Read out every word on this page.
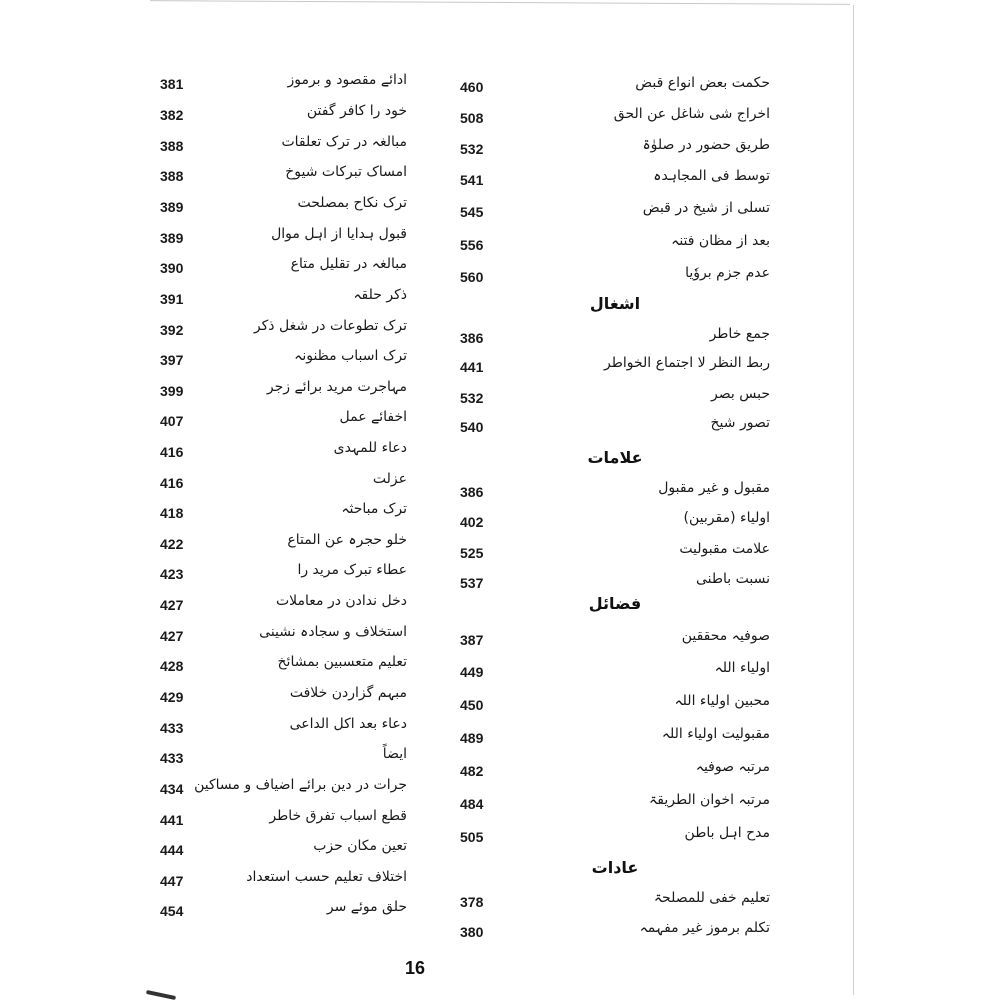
381	ادائے مقصود و برموز
382	خود را کافر گفتن
388	مبالغہ در ترک تعلقات
388	امساک تبرکات شیوخ
389	ترک نکاح بمصلحت
389	قبول ہدایا از اہل موال
390	مبالغہ در تقلیل متاع
391	ذکر حلقہ
392	ترک تطوعات در شغل ذکر
397	ترک اسباب مظنونہ
399	مہاجرت مرید برائے زجر
407	اخفائے عمل
416	دعاء للمہدی
416	عزلت
418	ترک مباحثہ
422	خلو حجرہ عن المتاع
423	عطاء تبرک مرید را
427	دخل ندادن در معاملات
427	استخلاف و سجادہ نشینی
428	تعلیم متعسبین بمشائخ
429	مبہم گزاردن خلافت
433	دعاء بعد اکل الداعی
433	ایضاً
434 جرات در دین برائے اضیاف و مساکین
441	قطع اسباب تفرق خاطر
444	تعین مکان حزب
447	اختلاف تعلیم حسب استعداد
454	حلق موئے سر
460	حکمت بعض انواع قبض
508	اخراج شی شاغل عن الحق
532	طریق حضور در صلوٰۃ
541	توسط فی المجاہدہ
545	تسلی از شیخ در قبض
556	بعد از مظان فتنہ
560	عدم جزم بروٗیا
اشغال
386	جمع خاطر
441	ربط النظر لا اجتماع الخواطر
532	حبس بصر
540	تصور شیخ
علامات
386	مقبول و غیر مقبول
402	اولیاء (مقربین)
525	علامت مقبولیت
537	نسبت باطنی
فضائل
387	صوفیہ محققین
449	اولیاء اللہ
450	محبین اولیاء اللہ
489	مقبولیت اولیاء اللہ
482	مرتبہ صوفیہ
484	مرتبہ اخوان الطریقۃ
505	مدح اہل باطن
عادات
378	تعلیم خفی للمصلحۃ
380	تکلم برموز غیر مفہمہ
16
